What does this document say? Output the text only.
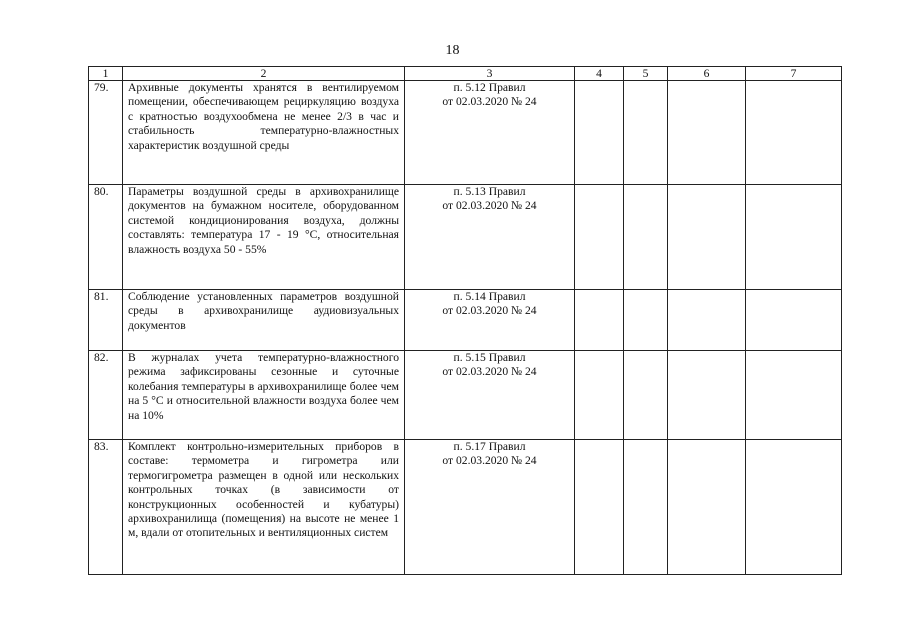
18
1	2	3	4	5	6	7
79.	Архивные документы хранятся в вентилируемом помещении, обеспечивающем рециркуляцию воздуха с кратностью воздухообмена не менее 2/3 в час и стабильность температурно-влажностных характеристик воздушной среды	п. 5.12 Правил
от 02.03.2020 № 24				

80.	Параметры воздушной среды в архивохранилище документов на бумажном носителе, оборудованном системой кондиционирования воздуха, должны составлять: температура 17 - 19 °С, относительная влажность воздуха 50 - 55%	п. 5.13 Правил
от 02.03.2020 № 24				

81.	Соблюдение установленных параметров воздушной среды в архивохранилище аудиовизуальных документов	п. 5.14 Правил
от 02.03.2020 № 24				

82.	В журналах учета температурно-влажностного режима зафиксированы сезонные и суточные колебания температуры в архивохранилище более чем на 5 °С и относительной влажности воздуха более чем на 10%	п. 5.15 Правил
от 02.03.2020 № 24				

83.	Комплект контрольно-измерительных приборов в составе: термометра и гигрометра или термогигрометра размещен в одной или нескольких контрольных точках (в зависимости от конструкционных особенностей и кубатуры) архивохранилища (помещения) на высоте не менее 1 м, вдали от отопительных и вентиляционных систем	п. 5.17 Правил
от 02.03.2020 № 24				
